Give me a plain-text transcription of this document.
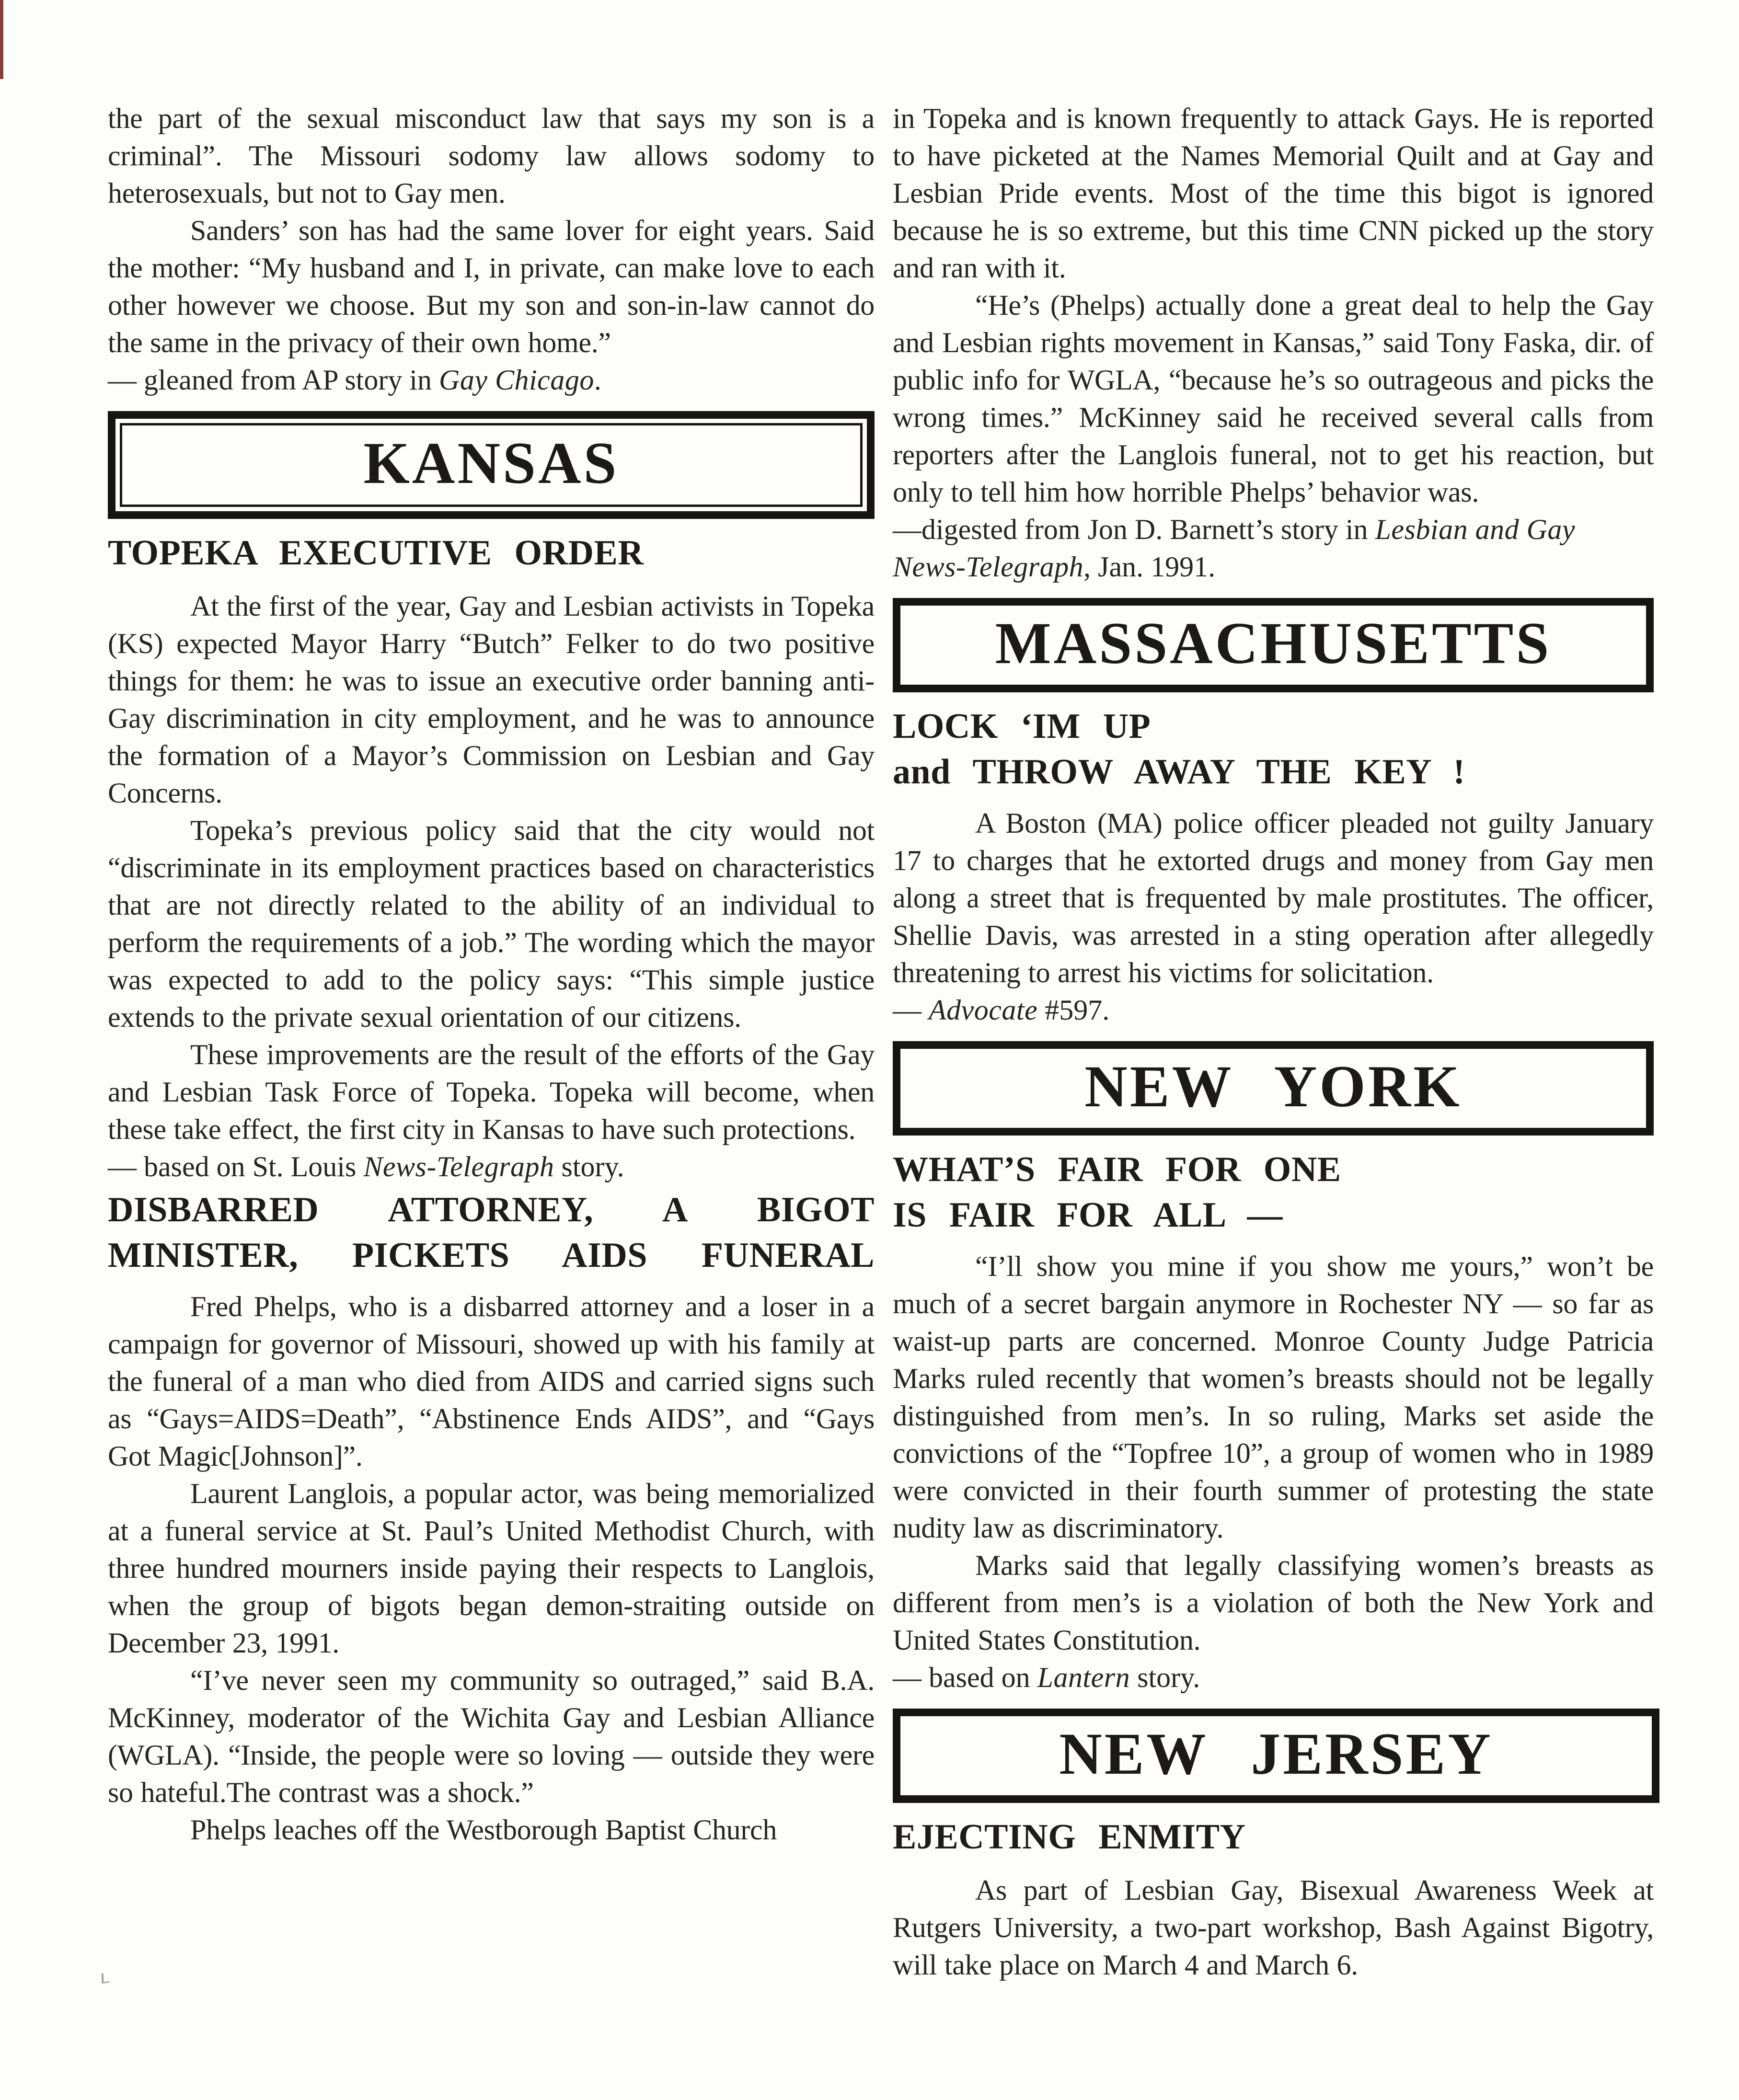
the part of the sexual misconduct law that says my son is a criminal”. The Missouri sodomy law allows sodomy to heterosexuals, but not to Gay men.

Sanders’ son has had the same lover for eight years. Said the mother: “My husband and I, in private, can make love to each other however we choose. But my son and son-in-law cannot do the same in the privacy of their own home.”

— gleaned from AP story in Gay Chicago.

KANSAS
TOPEKA EXECUTIVE ORDER

At the first of the year, Gay and Lesbian activists in Topeka (KS) expected Mayor Harry “Butch” Felker to do two positive things for them: he was to issue an executive order banning anti-Gay discrimination in city employment, and he was to announce the formation of a Mayor’s Commission on Lesbian and Gay Concerns.

Topeka’s previous policy said that the city would not “discriminate in its employment practices based on characteristics that are not directly related to the ability of an individual to perform the requirements of a job.” The wording which the mayor was expected to add to the policy says: “This simple justice extends to the private sexual orientation of our citizens.

These improvements are the result of the efforts of the Gay and Lesbian Task Force of Topeka. Topeka will become, when these take effect, the first city in Kansas to have such protections.

— based on St. Louis News-Telegraph story.

DISBARRED ATTORNEY, A BIGOT
MINISTER, PICKETS AIDS FUNERAL

Fred Phelps, who is a disbarred attorney and a loser in a campaign for governor of Missouri, showed up with his family at the funeral of a man who died from AIDS and carried signs such as “Gays=AIDS=Death”, “Abstinence Ends AIDS”, and “Gays Got Magic[Johnson]”.

Laurent Langlois, a popular actor, was being memorialized at a funeral service at St. Paul’s United Methodist Church, with three hundred mourners inside paying their respects to Langlois, when the group of bigots began demon-straiting outside on December 23, 1991.

“I’ve never seen my community so outraged,” said B.A. McKinney, moderator of the Wichita Gay and Lesbian Alliance (WGLA). “Inside, the people were so loving — outside they were so hateful.The contrast was a shock.”

Phelps leaches off the Westborough Baptist Church

in Topeka and is known frequently to attack Gays. He is reported to have picketed at the Names Memorial Quilt and at Gay and Lesbian Pride events. Most of the time this bigot is ignored because he is so extreme, but this time CNN picked up the story and ran with it.

“He’s (Phelps) actually done a great deal to help the Gay and Lesbian rights movement in Kansas,” said Tony Faska, dir. of public info for WGLA, “because he’s so outrageous and picks the wrong times.” McKinney said he received several calls from reporters after the Langlois funeral, not to get his reaction, but only to tell him how horrible Phelps’ behavior was.

—digested from Jon D. Barnett’s story in Lesbian and Gay News-Telegraph, Jan. 1991.

MASSACHUSETTS
LOCK ‘IM UP
and THROW AWAY THE KEY !

A Boston (MA) police officer pleaded not guilty January 17 to charges that he extorted drugs and money from Gay men along a street that is frequented by male prostitutes. The officer, Shellie Davis, was arrested in a sting operation after allegedly threatening to arrest his victims for solicitation.

— Advocate #597.

NEW YORK
WHAT’S FAIR FOR ONE
IS FAIR FOR ALL —

“I’ll show you mine if you show me yours,” won’t be much of a secret bargain anymore in Rochester NY — so far as waist-up parts are concerned. Monroe County Judge Patricia Marks ruled recently that women’s breasts should not be legally distinguished from men’s. In so ruling, Marks set aside the convictions of the “Topfree 10”, a group of women who in 1989 were convicted in their fourth summer of protesting the state nudity law as discriminatory.

Marks said that legally classifying women’s breasts as different from men’s is a violation of both the New York and United States Constitution.

— based on Lantern story.

NEW JERSEY
EJECTING ENMITY

As part of Lesbian Gay, Bisexual Awareness Week at Rutgers University, a two-part workshop, Bash Against Bigotry, will take place on March 4 and March 6.
